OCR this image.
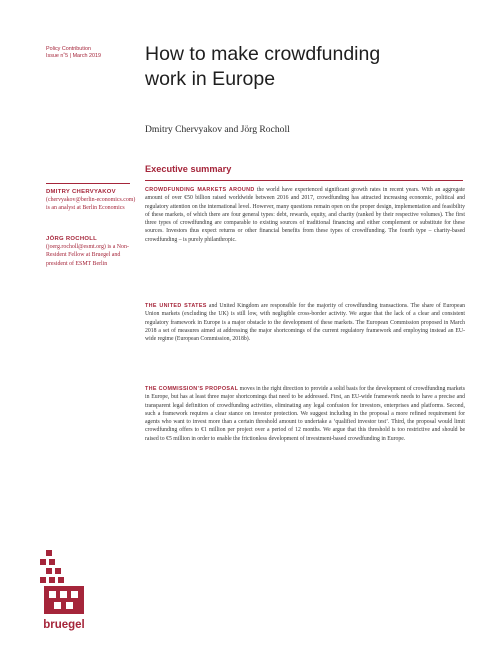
Policy Contribution
Issue n˚5 | March 2019	How to make crowdfunding
work in Europe
Dmitry Chervyakov and Jörg Rocholl
Executive summary
DMITRY CHERVYAKOV
(chervyakov@berlin-economics.com) is an analyst at Berlin Economics
JÖRG ROCHOLL (joerg.rocholl@esmt.org) is a Non-Resident Fellow at Bruegel and president of ESMT Berlin

CROWDFUNDING MARKETS AROUND the world have experienced significant growth rates in recent years. With an aggregate amount of over €50 billion raised worldwide between 2016 and 2017, crowdfunding has attracted increasing economic, political and regulatory attention on the international level. However, many questions remain open on the proper design, implementation and feasibility of these markets, of which there are four general types: debt, rewards, equity, and charity (ranked by their respective volumes). The first three types of crowdfunding are comparable to existing sources of traditional financing and either complement or substitute for these sources. Investors thus expect returns or other financial benefits from these types of crowdfunding. The fourth type – charity-based crowdfunding – is purely philanthropic.

THE UNITED STATES and United Kingdom are responsible for the majority of crowdfunding transactions. The share of European Union markets (excluding the UK) is still low, with negligible cross-border activity. We argue that the lack of a clear and consistent regulatory framework in Europe is a major obstacle to the development of these markets. The European Commission proposed in March 2018 a set of measures aimed at addressing the major shortcomings of the current regulatory framework and employing instead an EU-wide regime (European Commission, 2018b).

THE COMMISSION’S PROPOSAL moves in the right direction to provide a solid basis for the development of crowdfunding markets in Europe, but has at least three major shortcomings that need to be addressed. First, an EU-wide framework needs to have a precise and transparent legal definition of crowdfunding activities, eliminating any legal confusion for investors, enterprises and platforms. Second, such a framework requires a clear stance on investor protection. We suggest including in the proposal a more refined requirement for agents who want to invest more than a certain threshold amount to undertake a ‘qualified investor test’. Third, the proposal would limit crowdfunding offers to €1 million per project over a period of 12 months. We argue that this threshold is too restrictive and should be raised to €5 million in order to enable the frictionless development of investment-based crowdfunding in Europe.

bruegel
